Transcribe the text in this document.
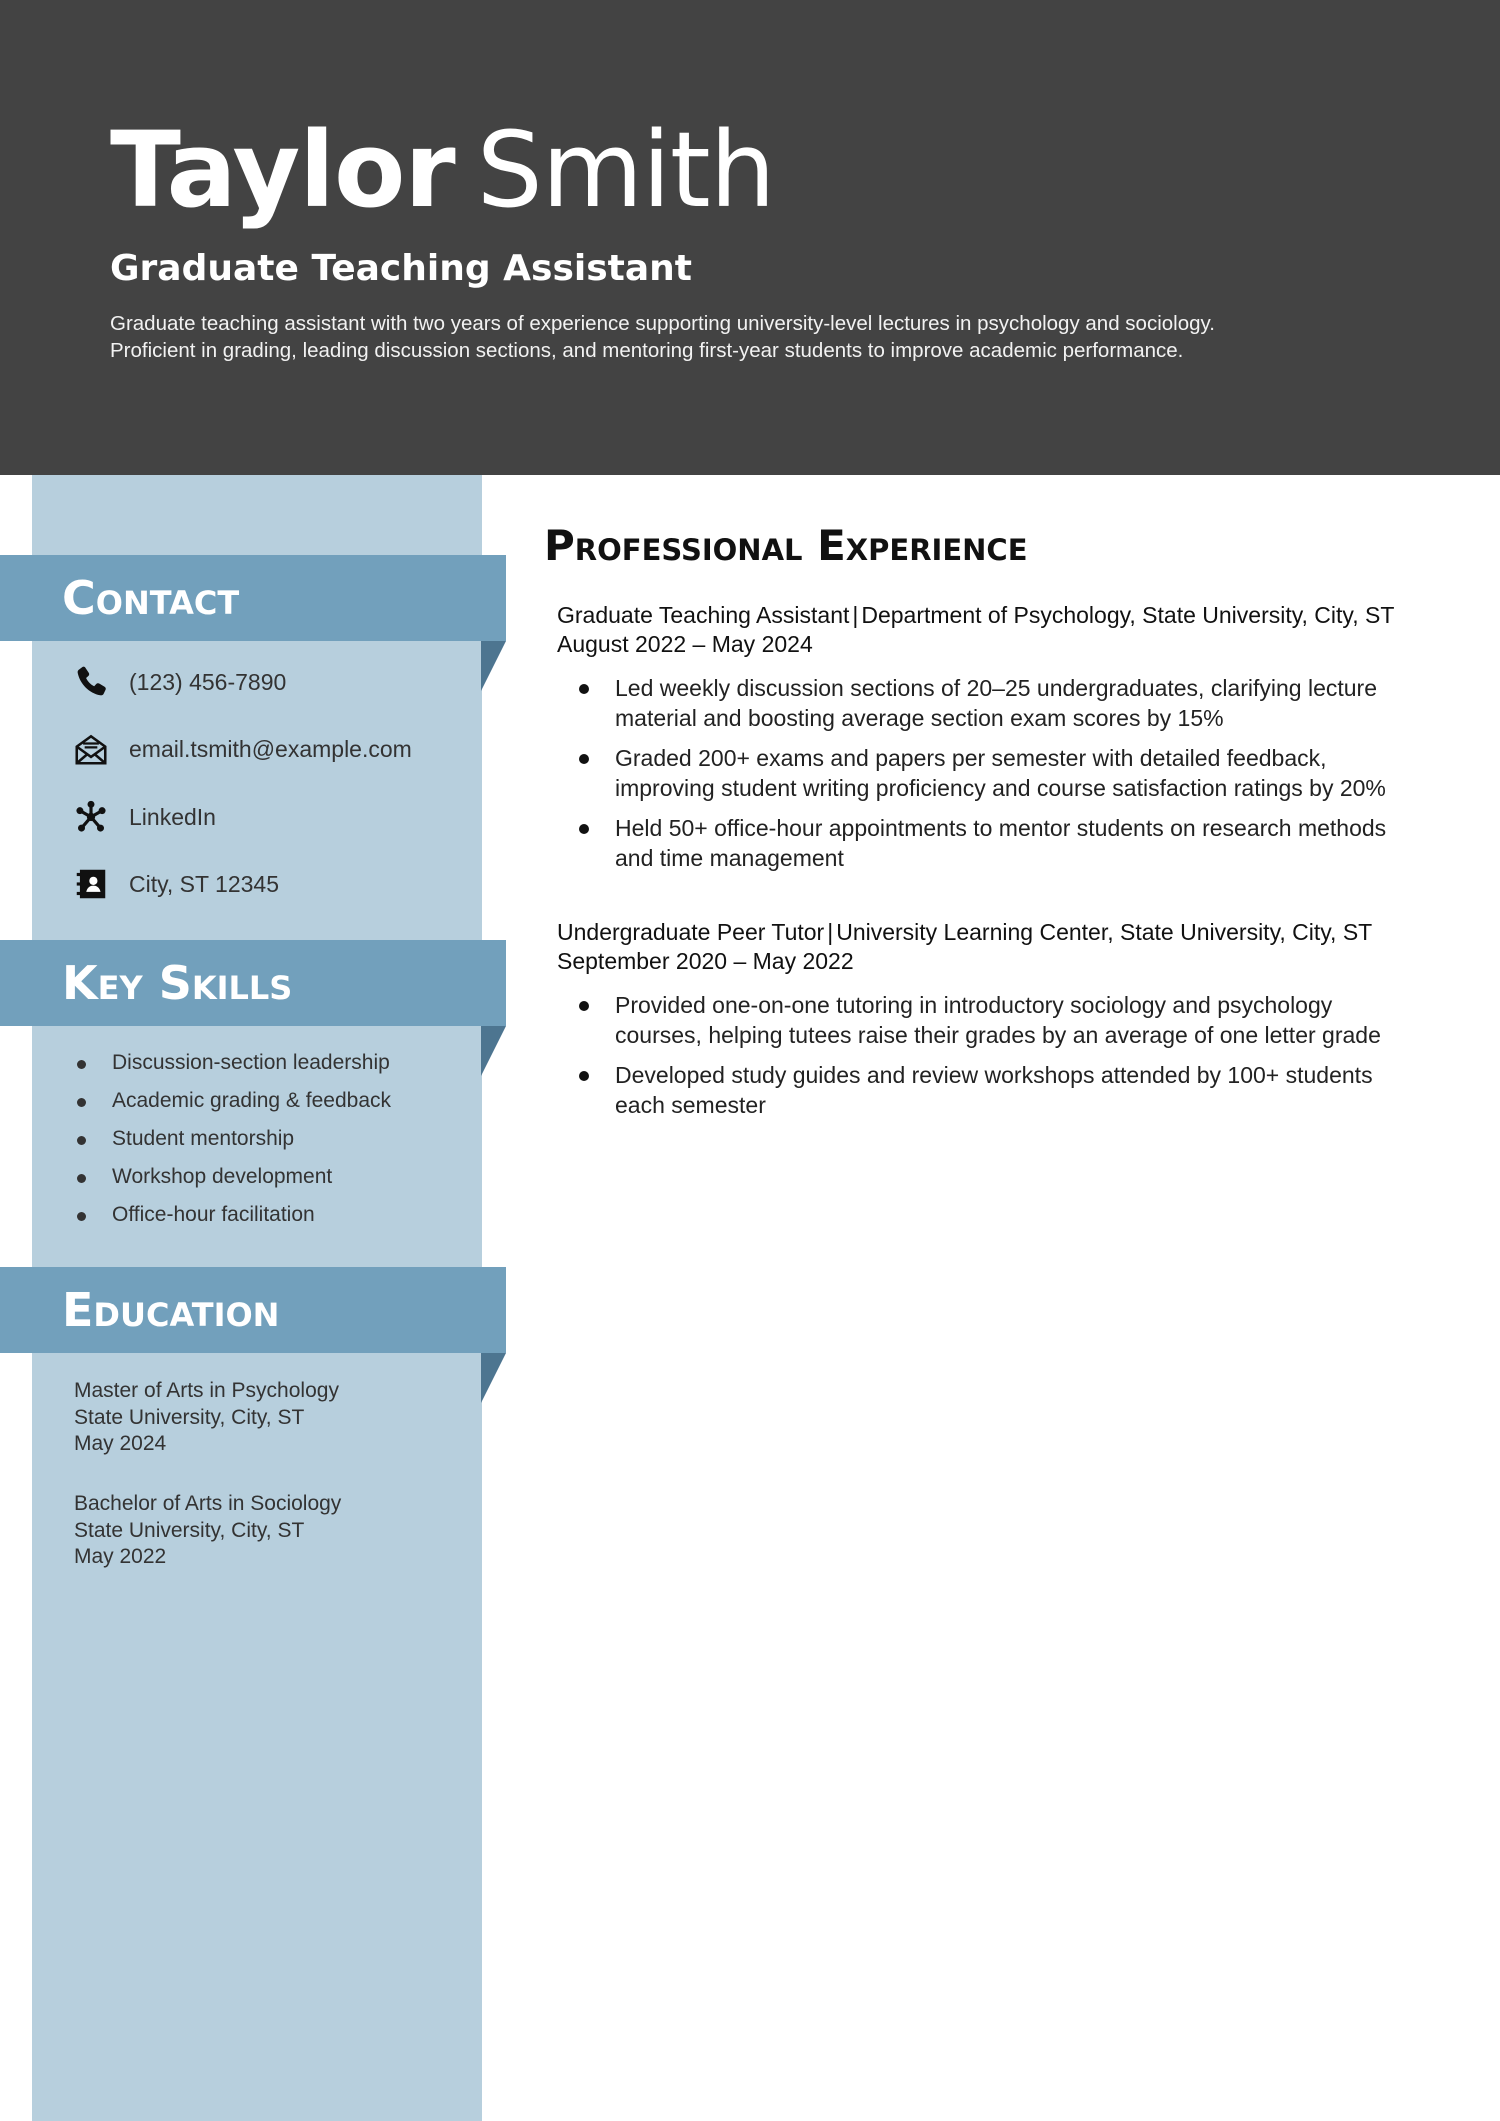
Taylor Smith
Graduate Teaching Assistant

Graduate teaching assistant with two years of experience supporting university-level lectures in psychology and sociology.
Proficient in grading, leading discussion sections, and mentoring first-year students to improve academic performance.

Contact
(123) 456-7890
email.tsmith@example.com
LinkedIn
City, ST 12345
Key Skills
Discussion-section leadership
Academic grading & feedback
Student mentorship
Workshop development
Office-hour facilitation
Education
Master of Arts in Psychology
State University, City, ST
May 2024
Bachelor of Arts in Sociology
State University, City, ST
May 2022
Professional Experience
Graduate Teaching Assistant | Department of Psychology, State University, City, ST
August 2022 – May 2024
Led weekly discussion sections of 20–25 undergraduates, clarifying lecture
material and boosting average section exam scores by 15%
Graded 200+ exams and papers per semester with detailed feedback,
improving student writing proficiency and course satisfaction ratings by 20%
Held 50+ office-hour appointments to mentor students on research methods
and time management
Undergraduate Peer Tutor | University Learning Center, State University, City, ST
September 2020 – May 2022
Provided one-on-one tutoring in introductory sociology and psychology
courses, helping tutees raise their grades by an average of one letter grade
Developed study guides and review workshops attended by 100+ students
each semester
